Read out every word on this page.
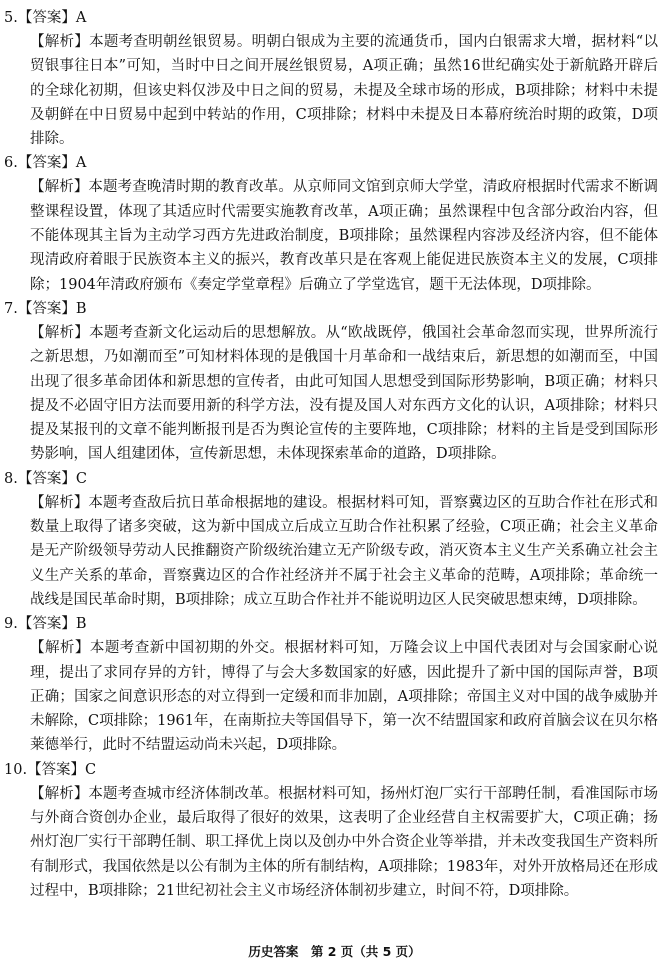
5.【答案】A

【解析】本题考查明朝丝银贸易。明朝白银成为主要的流通货币，国内白银需求大增，据材料“以贸银事往日本”可知，当时中日之间开展丝银贸易，A项正确；虽然16世纪确实处于新航路开辟后的全球化初期，但该史料仅涉及中日之间的贸易，未提及全球市场的形成，B项排除；材料中未提及朝鲜在中日贸易中起到中转站的作用，C项排除；材料中未提及日本幕府统治时期的政策，D项排除。

6.【答案】A

【解析】本题考查晚清时期的教育改革。从京师同文馆到京师大学堂，清政府根据时代需求不断调整课程设置，体现了其适应时代需要实施教育改革，A项正确；虽然课程中包含部分政治内容，但不能体现其主旨为主动学习西方先进政治制度，B项排除；虽然课程内容涉及经济内容，但不能体现清政府着眼于民族资本主义的振兴，教育改革只是在客观上能促进民族资本主义的发展，C项排除；1904年清政府颁布《奏定学堂章程》后确立了学堂选官，题干无法体现，D项排除。

7.【答案】B

【解析】本题考查新文化运动后的思想解放。从“欧战既停，俄国社会革命忽而实现，世界所流行之新思想，乃如潮而至”可知材料体现的是俄国十月革命和一战结束后，新思想的如潮而至，中国出现了很多革命团体和新思想的宣传者，由此可知国人思想受到国际形势影响，B项正确；材料只提及不必固守旧方法而要用新的科学方法，没有提及国人对东西方文化的认识，A项排除；材料只提及某报刊的文章不能判断报刊是否为舆论宣传的主要阵地，C项排除；材料的主旨是受到国际形势影响，国人组建团体，宣传新思想，未体现探索革命的道路，D项排除。

8.【答案】C

【解析】本题考查敌后抗日革命根据地的建设。根据材料可知，晋察冀边区的互助合作社在形式和数量上取得了诸多突破，这为新中国成立后成立互助合作社积累了经验，C项正确；社会主义革命是无产阶级领导劳动人民推翻资产阶级统治建立无产阶级专政，消灭资本主义生产关系确立社会主义生产关系的革命，晋察冀边区的合作社经济并不属于社会主义革命的范畴，A项排除；革命统一战线是国民革命时期，B项排除；成立互助合作社并不能说明边区人民突破思想束缚，D项排除。

9.【答案】B

【解析】本题考查新中国初期的外交。根据材料可知，万隆会议上中国代表团对与会国家耐心说理，提出了求同存异的方针，博得了与会大多数国家的好感，因此提升了新中国的国际声誉，B项正确；国家之间意识形态的对立得到一定缓和而非加剧，A项排除；帝国主义对中国的战争威胁并未解除，C项排除；1961年，在南斯拉夫等国倡导下，第一次不结盟国家和政府首脑会议在贝尔格莱德举行，此时不结盟运动尚未兴起，D项排除。

10.【答案】C

【解析】本题考查城市经济体制改革。根据材料可知，扬州灯泡厂实行干部聘任制，看准国际市场与外商合资创办企业，最后取得了很好的效果，这表明了企业经营自主权需要扩大，C项正确；扬州灯泡厂实行干部聘任制、职工择优上岗以及创办中外合资企业等举措，并未改变我国生产资料所有制形式，我国依然是以公有制为主体的所有制结构，A项排除；1983年，对外开放格局还在形成过程中，B项排除；21世纪初社会主义市场经济体制初步建立，时间不符，D项排除。

历史答案　第 2 页（共 5 页）
